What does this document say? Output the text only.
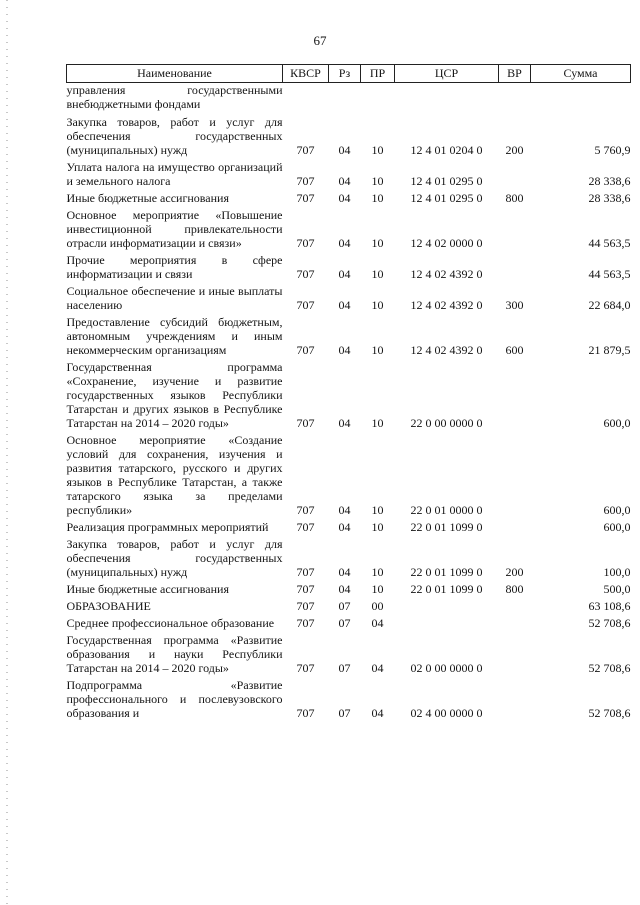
67
Наименование	КВСР	Рз	ПР	ЦСР	ВР	Сумма
управления государственными внебюджетными фондами						
Закупка товаров, работ и услуг для обеспечения государственных (муниципальных) нужд	707	04	10	12 4 01 0204 0	200	5 760,9
Уплата налога на имущество организаций и земельного налога	707	04	10	12 4 01 0295 0		28 338,6
Иные бюджетные ассигнования	707	04	10	12 4 01 0295 0	800	28 338,6
Основное мероприятие «Повышение инвестиционной привлекательности отрасли информатизации и связи»	707	04	10	12 4 02 0000 0		44 563,5
Прочие мероприятия в сфере информатизации и связи	707	04	10	12 4 02 4392 0		44 563,5
Социальное обеспечение и иные выплаты населению	707	04	10	12 4 02 4392 0	300	22 684,0
Предоставление субсидий бюджетным, автономным учреждениям и иным некоммерческим организациям	707	04	10	12 4 02 4392 0	600	21 879,5
Государственная программа «Сохранение, изучение и развитие государственных языков Республики Татарстан и других языков в Республике Татарстан на 2014 – 2020 годы»	707	04	10	22 0 00 0000 0		600,0
Основное мероприятие «Создание условий для сохранения, изучения и развития татарского, русского и других языков в Республике Татарстан, а также татарского языка за пределами республики»	707	04	10	22 0 01 0000 0		600,0
Реализация программных мероприятий	707	04	10	22 0 01 1099 0		600,0
Закупка товаров, работ и услуг для обеспечения государственных (муниципальных) нужд	707	04	10	22 0 01 1099 0	200	100,0
Иные бюджетные ассигнования	707	04	10	22 0 01 1099 0	800	500,0
ОБРАЗОВАНИЕ	707	07	00			63 108,6
Среднее профессиональное образование	707	07	04			52 708,6
Государственная программа «Развитие образования и науки Республики Татарстан на 2014 – 2020 годы»	707	07	04	02 0 00 0000 0		52 708,6
Подпрограмма «Развитие профессионального и послевузовского образования и	707	07	04	02 4 00 0000 0		52 708,6
